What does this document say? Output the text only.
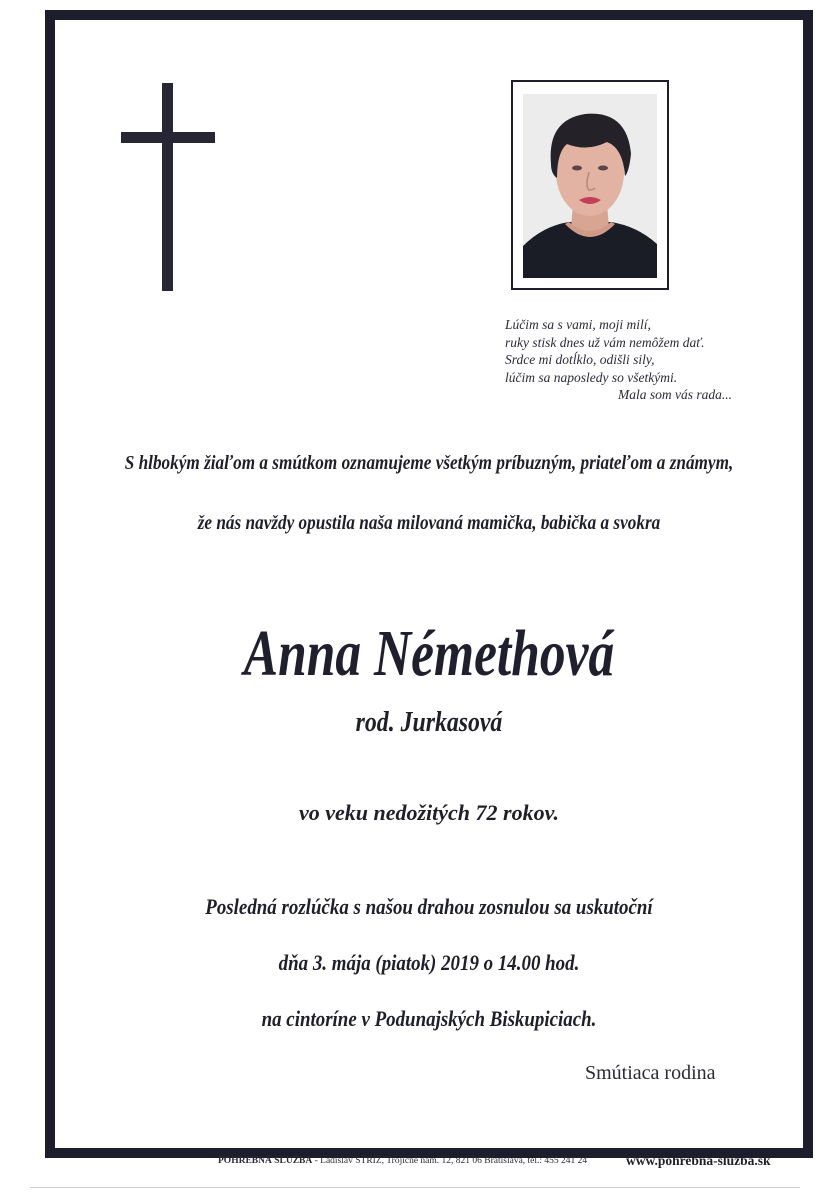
Lúčim sa s vami, moji milí,
ruky stisk dnes už vám nemôžem dať.
Srdce mi dotĺklo, odišli sily,
lúčim sa naposledy so všetkými.
Mala som vás rada...
S hlbokým žiaľom a smútkom oznamujeme všetkým príbuzným, priateľom a známym,
že nás navždy opustila naša milovaná mamička, babička a svokra
Anna Némethová
rod. Jurkasová
vo veku nedožitých 72 rokov.
Posledná rozlúčka s našou drahou zosnulou sa uskutoční
dňa 3. mája (piatok) 2019 o 14.00 hod.
na cintoríne v Podunajských Biskupiciach.
Smútiaca rodina
POHREBNÁ SLUŽBA - Ladislav STRÍŽ, Trojičné nám. 12, 821 06 Bratislava, tel.: 455 241 24	www.pohrebna-sluzba.sk
